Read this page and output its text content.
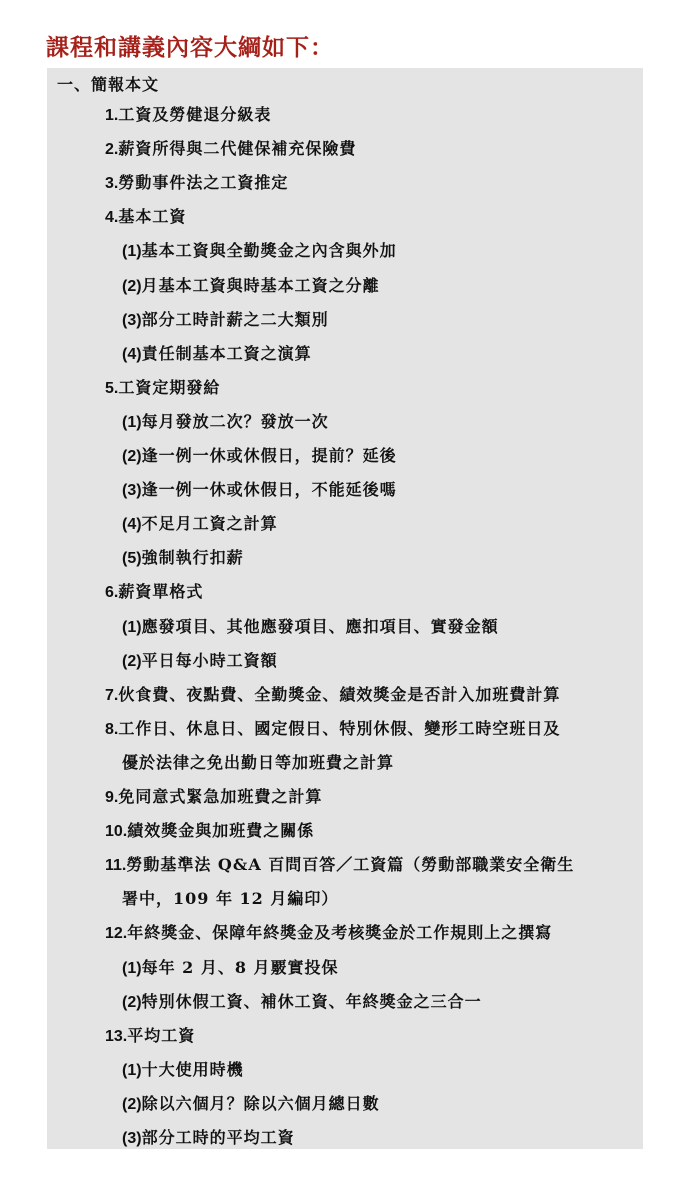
課程和講義內容大綱如下：
一、簡報本文
1.工資及勞健退分級表
2.薪資所得與二代健保補充保險費
3.勞動事件法之工資推定
4.基本工資
(1)基本工資與全勤獎金之內含與外加
(2)月基本工資與時基本工資之分離
(3)部分工時計薪之二大類別
(4)責任制基本工資之演算
5.工資定期發給
(1)每月發放二次？發放一次
(2)逢一例一休或休假日，提前？延後
(3)逢一例一休或休假日，不能延後嗎
(4)不足月工資之計算
(5)強制執行扣薪
6.薪資單格式
(1)應發項目、其他應發項目、應扣項目、實發金額
(2)平日每小時工資額
7.伙食費、夜點費、全勤獎金、績效獎金是否計入加班費計算
8.工作日、休息日、國定假日、特別休假、變形工時空班日及
優於法律之免出勤日等加班費之計算
9.免同意式緊急加班費之計算
10.績效獎金與加班費之關係
11.勞動基準法 Q&A 百問百答／工資篇（勞動部職業安全衛生
署中，109 年 12 月編印）
12.年終獎金、保障年終獎金及考核獎金於工作規則上之撰寫
(1)每年 2 月、8 月覈實投保
(2)特別休假工資、補休工資、年終獎金之三合一
13.平均工資
(1)十大使用時機
(2)除以六個月？除以六個月總日數
(3)部分工時的平均工資
